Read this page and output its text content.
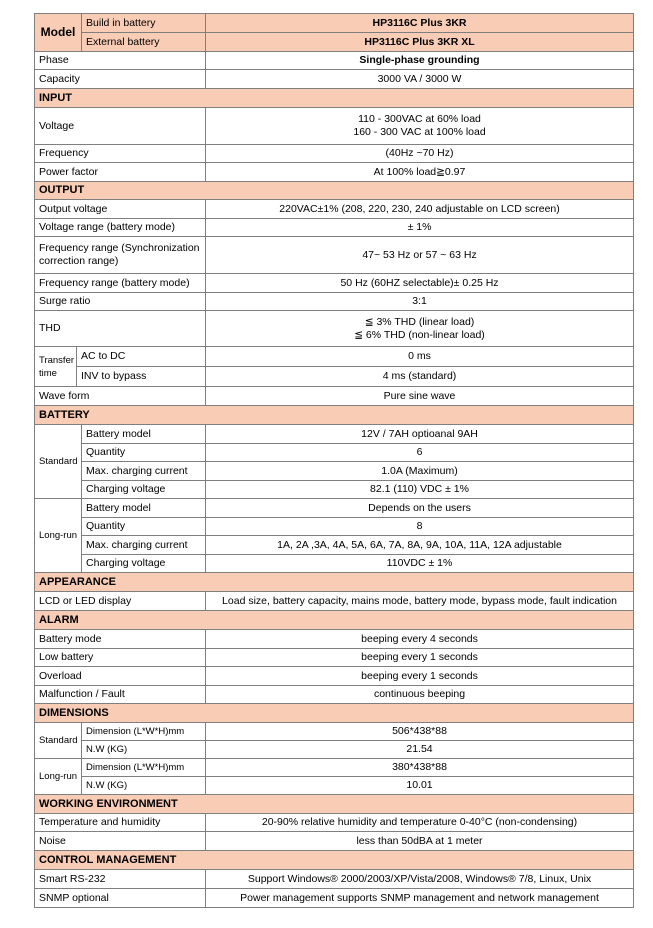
Model		Build in battery	HP3116C Plus 3KR
		External battery	HP3116C Plus 3KR XL
Phase			Single-phase grounding
Capacity			3000 VA / 3000 W
INPUT			
Voltage			110 - 300VAC at 60% load
160 - 300 VAC at 100% load

Frequency			(40Hz ~70 Hz)
Power factor			At 100% load≧0.97
OUTPUT			
Output voltage			220VAC±1% (208, 220, 230, 240 adjustable on LCD screen)
Voltage range (battery mode)			± 1%
Frequency range (Synchronization correction range)			47~ 53 Hz or 57 ~ 63 Hz
Frequency range (battery mode)			50 Hz (60HZ selectable)± 0.25 Hz
Surge ratio			3:1
THD			≦ 3% THD (linear load)
≦ 6% THD (non-linear load)

Transfer time	AC to DC		0 ms
	INV to bypass		4 ms (standard)
Wave form			Pure sine wave
BATTERY			
Standard		Battery model	12V / 7AH optioanal 9AH
		Quantity	6
		Max. charging current	1.0A (Maximum)
		Charging voltage	82.1 (110) VDC ± 1%
Long-run		Battery model	Depends on the users
		Quantity	8
		Max. charging current	1A, 2A ,3A, 4A, 5A, 6A, 7A, 8A, 9A, 10A, 11A, 12A adjustable
		Charging voltage	110VDC ± 1%
APPEARANCE			
LCD or LED display			Load size, battery capacity, mains mode, battery mode, bypass mode, fault indication
ALARM			
Battery mode			beeping every 4 seconds
Low battery			beeping every 1 seconds
Overload			beeping every 1 seconds
Malfunction / Fault			continuous beeping
DIMENSIONS			
Standard		Dimension (L*W*H)mm	506*438*88
		N.W (KG)	21.54
Long-run		Dimension (L*W*H)mm	380*438*88
		N.W (KG)	10.01
WORKING ENVIRONMENT			
Temperature and humidity			20-90% relative humidity and temperature 0-40°C (non-condensing)
Noise			less than 50dBA at 1 meter
CONTROL MANAGEMENT			
Smart RS-232			Support Windows® 2000/2003/XP/Vista/2008, Windows® 7/8, Linux, Unix
SNMP optional			Power management supports SNMP management and network management
